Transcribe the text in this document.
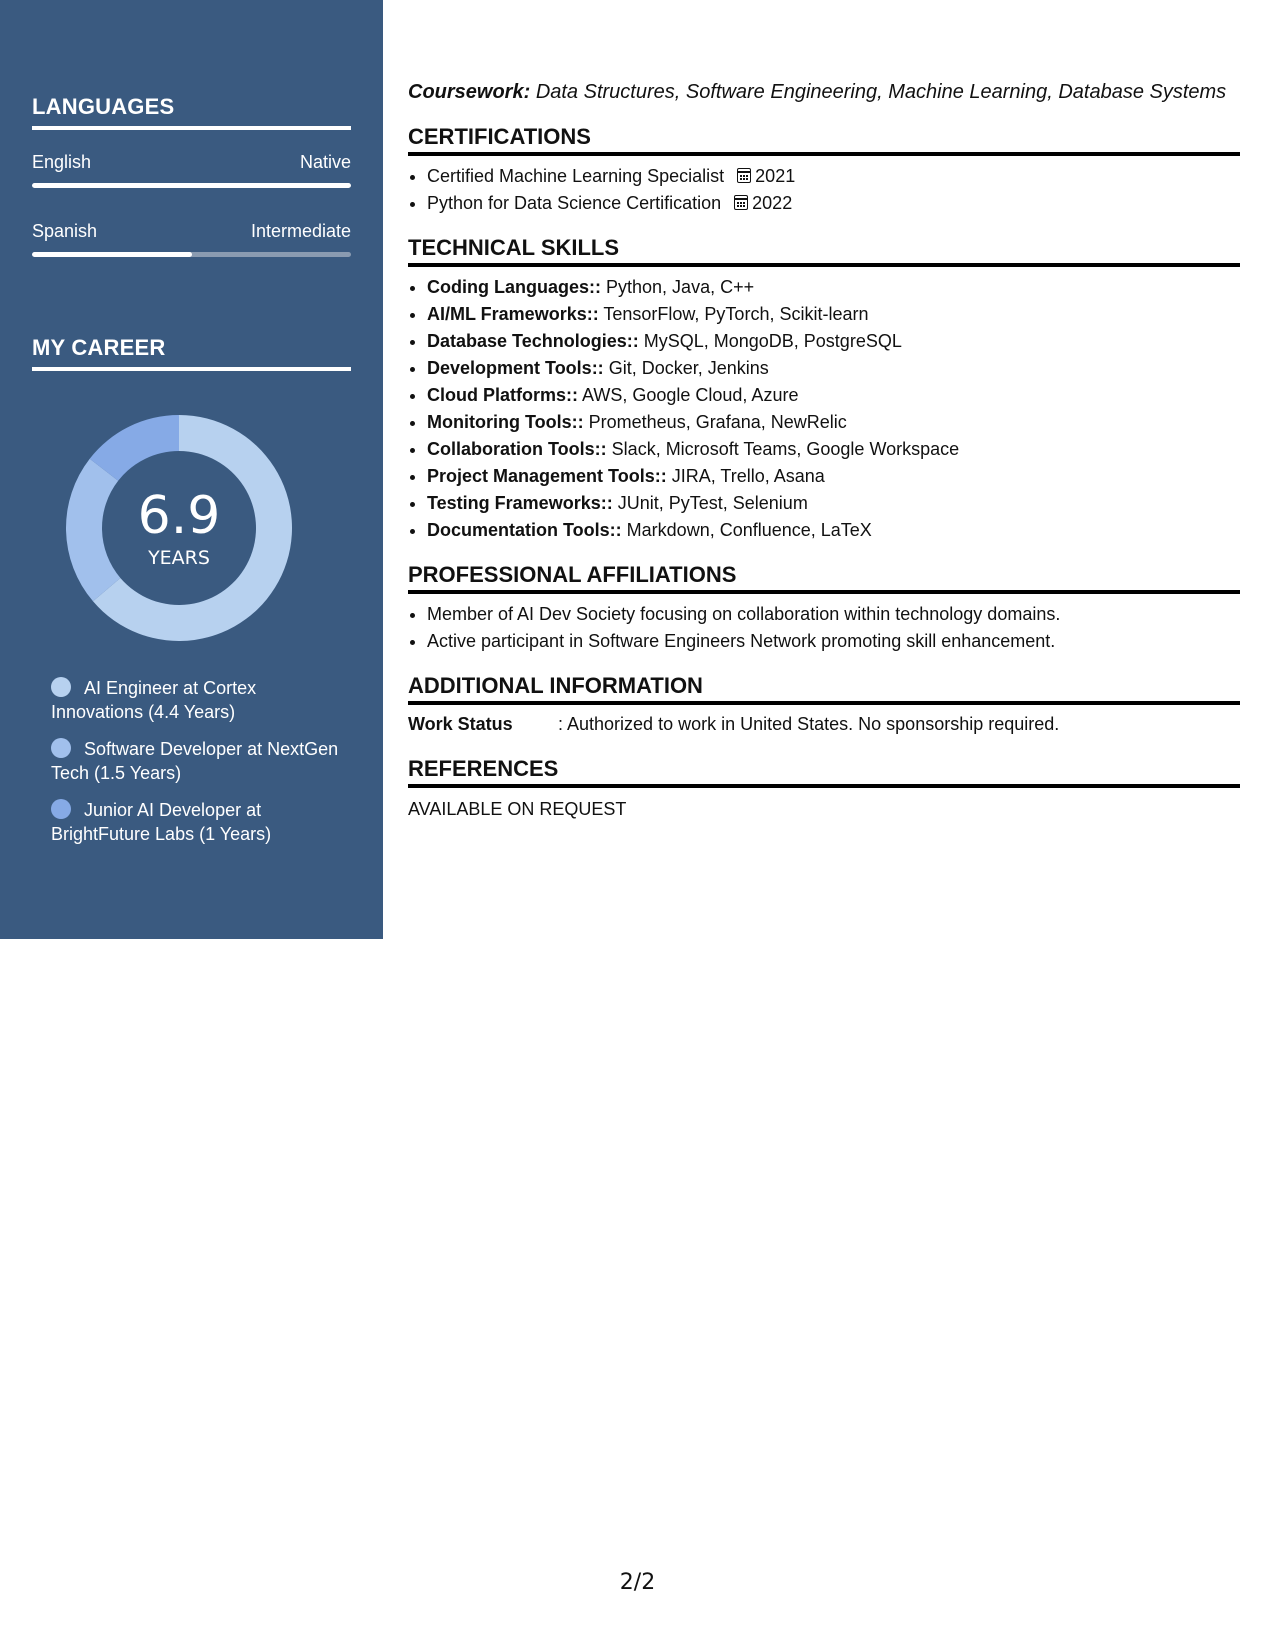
LANGUAGES
English	Native
Spanish	Intermediate
MY CAREER
6.9
YEARS
AI Engineer at Cortex Innovations (4.4 Years)
Software Developer at NextGen Tech (1.5 Years)
Junior AI Developer at BrightFuture Labs (1 Years)

Coursework: Data Structures, Software Engineering, Machine Learning, Database Systems

CERTIFICATIONS
• Certified Machine Learning Specialist 2021
• Python for Data Science Certification 2022
TECHNICAL SKILLS
• Coding Languages:: Python, Java, C++
• AI/ML Frameworks:: TensorFlow, PyTorch, Scikit-learn
• Database Technologies:: MySQL, MongoDB, PostgreSQL
• Development Tools:: Git, Docker, Jenkins
• Cloud Platforms:: AWS, Google Cloud, Azure
• Monitoring Tools:: Prometheus, Grafana, NewRelic
• Collaboration Tools:: Slack, Microsoft Teams, Google Workspace
• Project Management Tools:: JIRA, Trello, Asana
• Testing Frameworks:: JUnit, PyTest, Selenium
• Documentation Tools:: Markdown, Confluence, LaTeX
PROFESSIONAL AFFILIATIONS
• Member of AI Dev Society focusing on collaboration within technology domains.
• Active participant in Software Engineers Network promoting skill enhancement.
ADDITIONAL INFORMATION
Work Status	: Authorized to work in United States. No sponsorship required.
REFERENCES

AVAILABLE ON REQUEST

2/2
